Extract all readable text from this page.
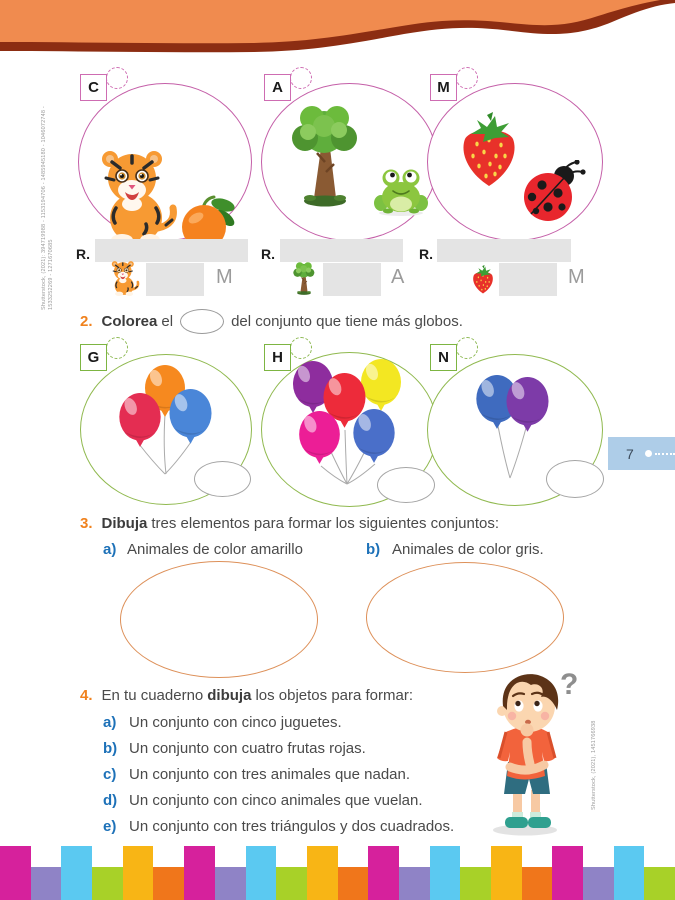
Shutterstock, (2021): 394719988 - 1153194706 - 1485945180 - 1046072748 - 1533252269 - 1271670685
Shutterstock, (2021), 1451766938
C	A	M
R.	R.	R.
M	A	M
2. Colorea el	del conjunto que tiene más globos.
G	H	N
7
3. Dibuja tres elementos para formar los siguientes conjuntos:
a) Animales de color amarillo	b) Animales de color gris.
4. En tu cuaderno dibuja los objetos para formar:
a) Un conjunto con cinco juguetes.
b) Un conjunto con cuatro frutas rojas.
c) Un conjunto con tres animales que nadan.
d) Un conjunto con cinco animales que vuelan.
e) Un conjunto con tres triángulos y dos cuadrados.
?
